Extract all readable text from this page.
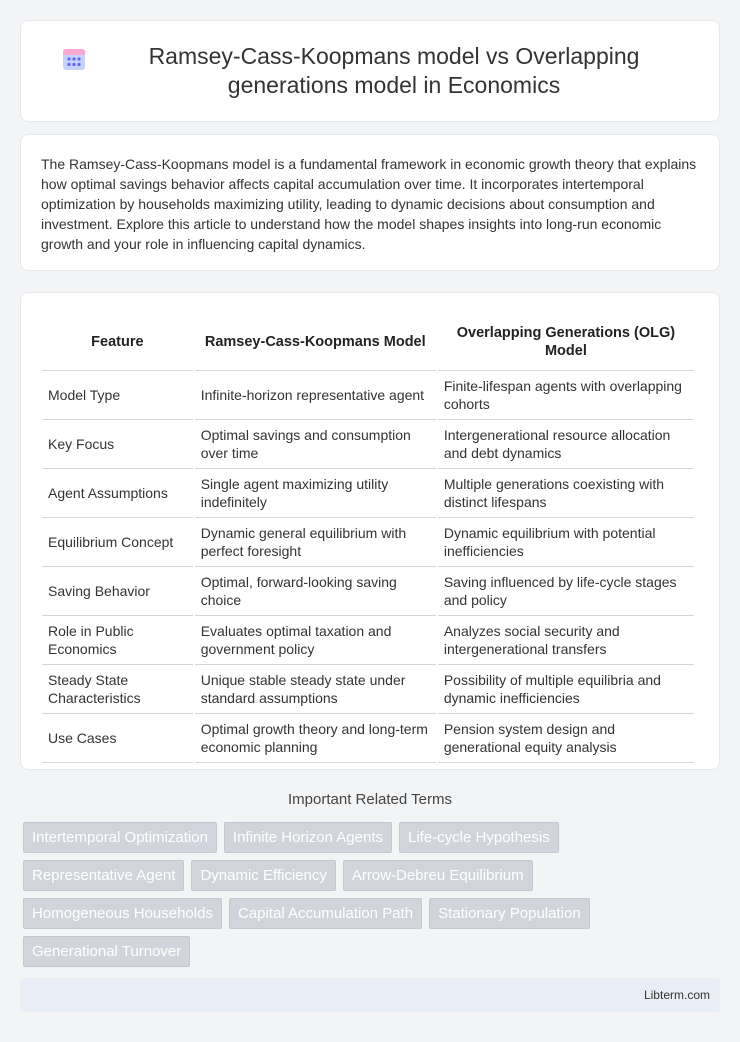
Ramsey-Cass-Koopmans model vs Overlapping generations model in Economics

The Ramsey-Cass-Koopmans model is a fundamental framework in economic growth theory that explains how optimal savings behavior affects capital accumulation over time. It incorporates intertemporal optimization by households maximizing utility, leading to dynamic decisions about consumption and investment. Explore this article to understand how the model shapes insights into long-run economic growth and your role in influencing capital dynamics.

Feature	Ramsey-Cass-Koopmans Model	Overlapping Generations (OLG) Model
Model Type	Infinite-horizon representative agent	Finite-lifespan agents with overlapping cohorts
Key Focus	Optimal savings and consumption over time	Intergenerational resource allocation and debt dynamics
Agent Assumptions	Single agent maximizing utility indefinitely	Multiple generations coexisting with distinct lifespans
Equilibrium Concept	Dynamic general equilibrium with perfect foresight	Dynamic equilibrium with potential inefficiencies
Saving Behavior	Optimal, forward-looking saving choice	Saving influenced by life-cycle stages and policy
Role in Public Economics	Evaluates optimal taxation and government policy	Analyzes social security and intergenerational transfers
Steady State Characteristics	Unique stable steady state under standard assumptions	Possibility of multiple equilibria and dynamic inefficiencies
Use Cases	Optimal growth theory and long-term economic planning	Pension system design and generational equity analysis
Important Related Terms
Intertemporal Optimization	Infinite Horizon Agents	Life-cycle Hypothesis
Representative Agent	Dynamic Efficiency	Arrow-Debreu Equilibrium
Homogeneous Households	Capital Accumulation Path	Stationary Population
Generational Turnover
Libterm.com
